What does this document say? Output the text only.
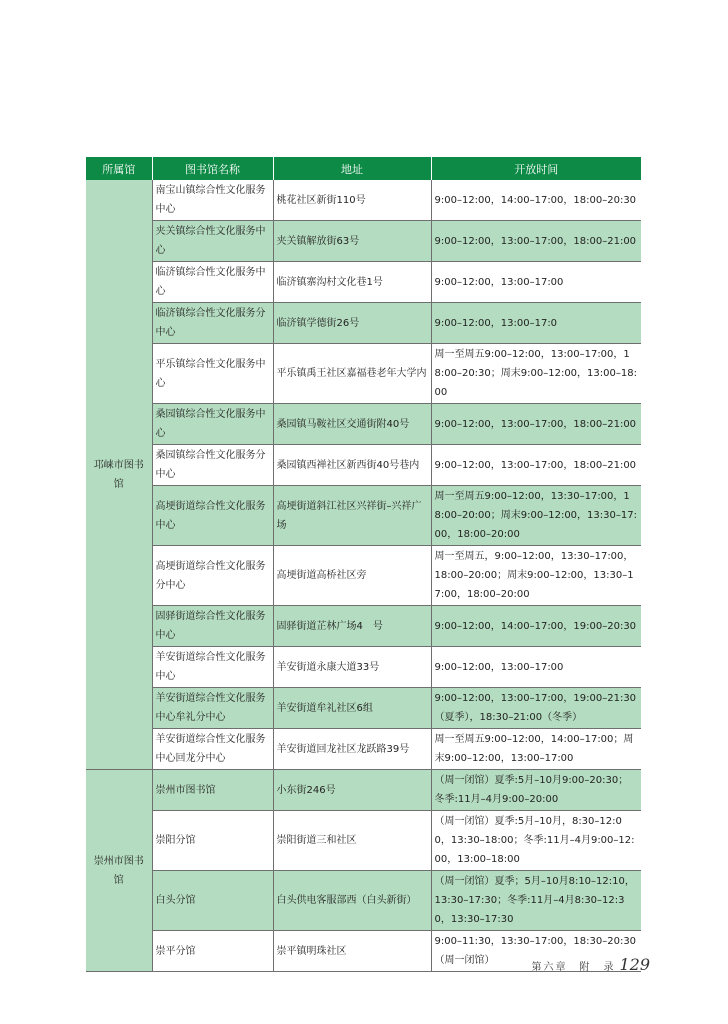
所属馆	图书馆名称	地址	开放时间
邛崃市图书馆	南宝山镇综合性文化服务中心	桃花社区新街110号	9:00–12:00，14:00–17:00，18:00–20:30
	夹关镇综合性文化服务中心	夹关镇解放街63号	9:00–12:00，13:00–17:00，18:00–21:00
	临济镇综合性文化服务中心	临济镇寨沟村文化巷1号	9:00–12:00，13:00–17:00
	临济镇综合性文化服务分中心	临济镇学德街26号	9:00–12:00，13:00–17:0
	平乐镇综合性文化服务中心	平乐镇禹王社区嘉福巷老年大学内	周一至周五9:00–12:00，13:00–17:00，18:00–20:30；周末9:00–12:00，13:00–18:00
	桑园镇综合性文化服务中心	桑园镇马鞍社区交通街附40号	9:00–12:00，13:00–17:00，18:00–21:00
	桑园镇综合性文化服务分中心	桑园镇西禅社区新西街40号巷内	9:00–12:00，13:00–17:00，18:00–21:00
	高埂街道综合性文化服务中心	高埂街道斜江社区兴祥街–兴祥广场	周一至周五9:00–12:00，13:30–17:00，18:00–20:00；周末9:00–12:00，13:30–17:00，18:00–20:00
	高埂街道综合性文化服务分中心	高埂街道高桥社区旁	周一至周五，9:00–12:00，13:30–17:00，18:00–20:00；周末9:00–12:00，13:30–17:00，18:00–20:00
	固驿街道综合性文化服务中心	固驿街道芷林广场4　号	9:00–12:00，14:00–17:00，19:00–20:30
	羊安街道综合性文化服务中心	羊安街道永康大道33号	9:00–12:00，13:00–17:00
	羊安街道综合性文化服务中心牟礼分中心	羊安街道牟礼社区6组	9:00–12:00，13:00–17:00，19:00–21:30（夏季），18:30–21:00（冬季）
	羊安街道综合性文化服务中心回龙分中心	羊安街道回龙社区龙跃路39号	周一至周五9:00–12:00，14:00–17:00；周末9:00–12:00，13:00–17:00
崇州市图书馆	崇州市图书馆	小东街246号	（周一闭馆）夏季:5月–10月9:00–20:30；冬季:11月–4月9:00–20:00
	崇阳分馆	崇阳街道三和社区	（周一闭馆）夏季:5月–10月，8:30–12:00，13:30–18:00；冬季:11月–4月9:00–12:00，13:00–18:00
	白头分馆	白头供电客服部西（白头新街）	（周一闭馆）夏季；5月–10月8:10–12:10，13:30–17:30；冬季:11月–4月8:30–12:30，13:30–17:30
	崇平分馆	崇平镇明珠社区	9:00–11:30，13:30–17:00，18:30–20:30（周一闭馆）
第六章　附　录 129
